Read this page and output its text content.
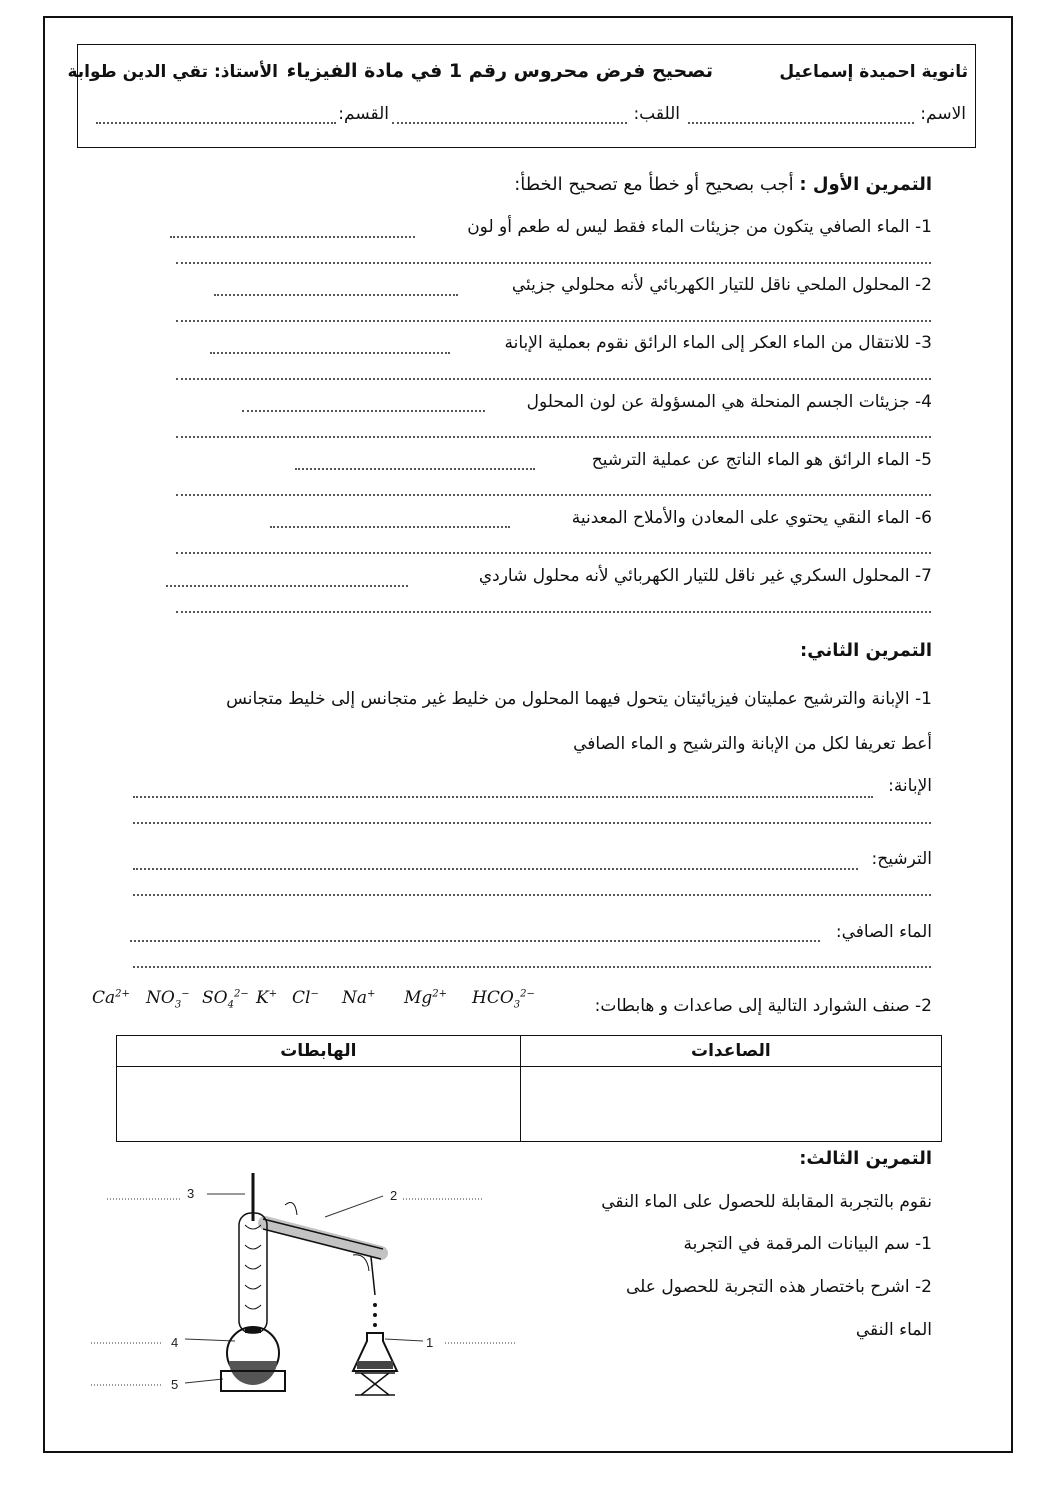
ثانوية احميدة إسماعيل
تصحيح فرض محروس رقم 1 في مادة الفيزياء
الأستاذ: تقي الدين طوابة
الاسم:
اللقب:
القسم:
التمرين الأول : أجب بصحيح أو خطأ مع تصحيح الخطأ:
1- الماء الصافي يتكون من جزيئات الماء فقط ليس له طعم أو لون
2- المحلول الملحي ناقل للتيار الكهربائي لأنه محلولي جزيئي
3- للانتقال من الماء العكر إلى الماء الرائق نقوم بعملية الإبانة
4- جزيئات الجسم المنحلة هي المسؤولة عن لون المحلول
5- الماء الرائق هو الماء الناتج عن عملية الترشيح
6- الماء النقي يحتوي على المعادن والأملاح المعدنية
7- المحلول السكري غير ناقل للتيار الكهربائي لأنه محلول شاردي
التمرين الثاني:
1- الإبانة والترشيح عمليتان فيزيائيتان يتحول فيهما المحلول من خليط غير متجانس إلى خليط متجانس
أعط تعريفا لكل من الإبانة والترشيح و الماء الصافي
الإبانة:
الترشيح:
الماء الصافي:
2- صنف الشوارد التالية إلى صاعدات و هابطات:
$Ca^{2+}$ $NO_3^-$ $SO_4^{2-}$ K+ Cl− Na+ $Mg^{2+}$ $HCO_3^{2-}$
الهابطات	الصاعدات

التمرين الثالث:
نقوم بالتجربة المقابلة للحصول على الماء النقي
1- سم البيانات المرقمة في التجربة
2- اشرح باختصار هذه التجربة للحصول على
الماء النقي
3	2
4	1
5
